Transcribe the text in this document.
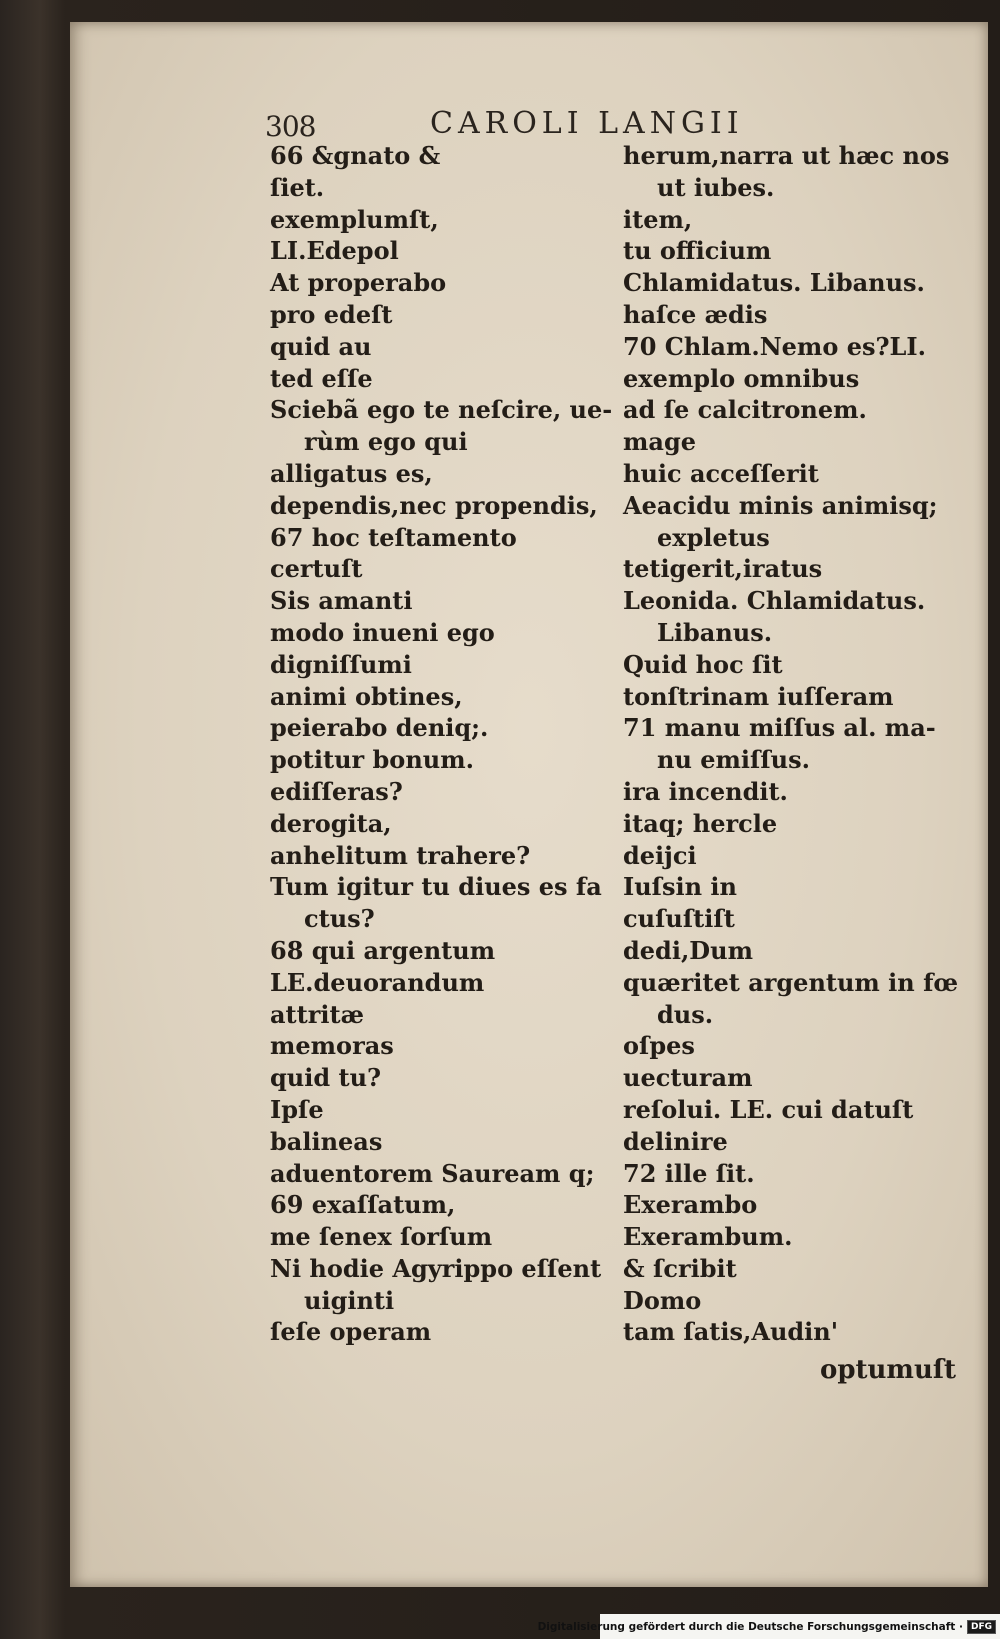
308	CAROLI LANGII
66 &gnato &
ſiet.
exemplumſt,
LI.Edepol
At properabo
pro edeſt
quid au
ted eſſe
Sciebã ego te neſcire, ue-
rùm ego qui
alligatus es,
dependis,nec propendis,
67 hoc teſtamento
certuſt
Sis amanti
modo inueni ego
digniſſumi
animi obtines,
peierabo deniq;.
potitur bonum.
ediſſeras?
derogita,
anhelitum trahere?
Tum igitur tu diues es fa
ctus?
68 qui argentum
LE.deuorandum
attritæ
memoras
quid tu?
Ipſe
balineas
aduentorem Sauream q;
69 exaſſatum,
me ſenex ſorſum
Ni hodie Agyrippo eſſent
uiginti
ſeſe operam
herum,narra ut hæc nos
ut iubes.
item,
tu officium
Chlamidatus. Libanus.
haſce ædis
70 Chlam.Nemo es?LI.
exemplo omnibus
ad ſe calcitronem.
mage
huic acceſſerit
Aeacidu minis animisq;
expletus
tetigerit,iratus
Leonida. Chlamidatus.
Libanus.
Quid hoc ſit
tonſtrinam iuſſeram
71 manu miſſus al. ma-
nu emiſſus.
ira incendit.
itaq; hercle
deijci
Iuſsin in
cuſuſtiſt
dedi,Dum
quæritet argentum in fœ
dus.
oſpes
uecturam
reſolui. LE. cui datuſt
delinire
72 ille ſit.
Exerambo
Exerambum.
& ſcribit
Domo
tam ſatis,Audin'
optumuſt
Digitalisierung gefördert durch die Deutsche Forschungsgemeinschaft · DFG
